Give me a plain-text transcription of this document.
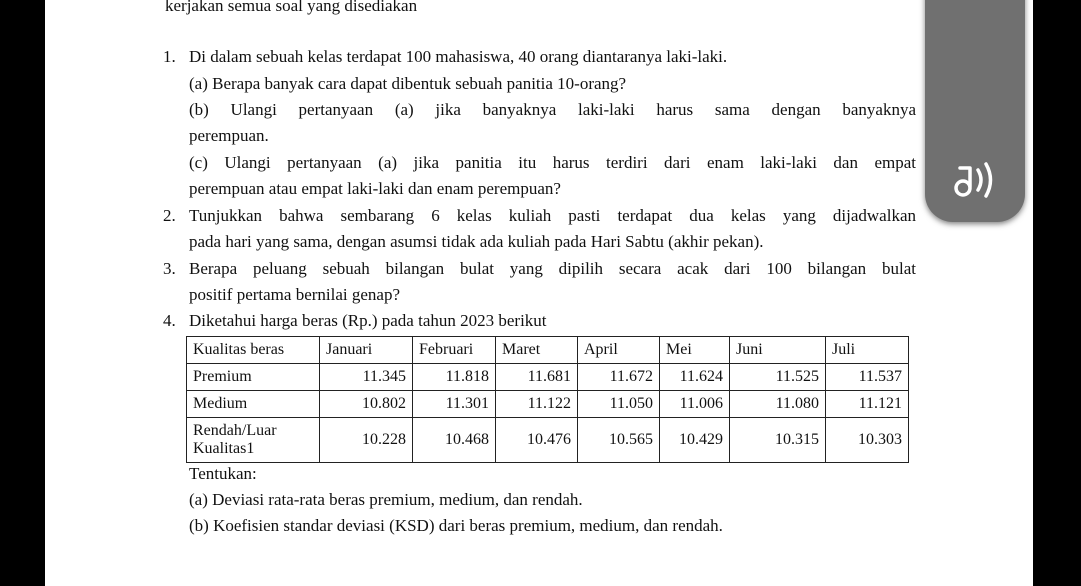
kerjakan semua soal yang disediakan
1. Di dalam sebuah kelas terdapat 100 mahasiswa, 40 orang diantaranya laki-laki.
(a) Berapa banyak cara dapat dibentuk sebuah panitia 10-orang?
(b) Ulangi pertanyaan (a) jika banyaknya laki-laki harus sama dengan banyaknya
perempuan.
(c) Ulangi pertanyaan (a) jika panitia itu harus terdiri dari enam laki-laki dan empat
perempuan atau empat laki-laki dan enam perempuan?
2. Tunjukkan bahwa sembarang 6 kelas kuliah pasti terdapat dua kelas yang dijadwalkan
pada hari yang sama, dengan asumsi tidak ada kuliah pada Hari Sabtu (akhir pekan).
3. Berapa peluang sebuah bilangan bulat yang dipilih secara acak dari 100 bilangan bulat
positif pertama bernilai genap?
4. Diketahui harga beras (Rp.) pada tahun 2023 berikut
Kualitas beras	Januari	Februari	Maret	April	Mei	Juni	Juli
Premium	11.345	11.818	11.681	11.672	11.624	11.525	11.537
Medium	10.802	11.301	11.122	11.050	11.006	11.080	11.121
Rendah/Luar
Kualitas1	10.228	10.468	10.476	10.565	10.429	10.315	10.303
Tentukan:
(a) Deviasi rata-rata beras premium, medium, dan rendah.
(b) Koefisien standar deviasi (KSD) dari beras premium, medium, dan rendah.
